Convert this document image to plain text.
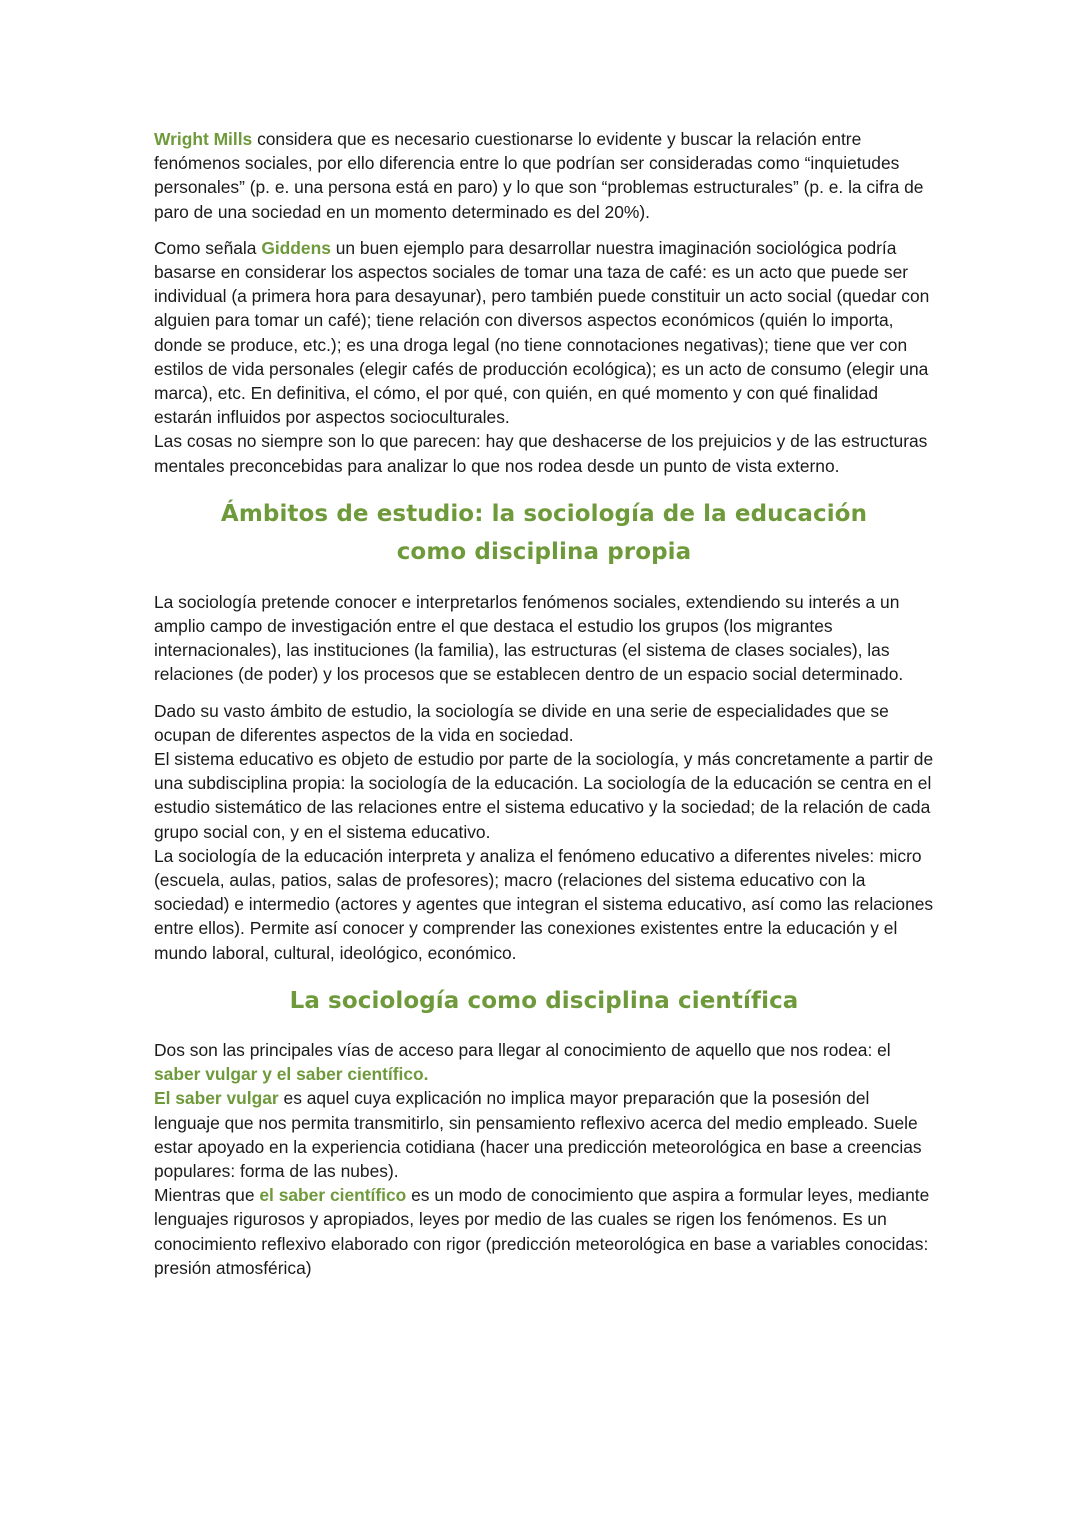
Wright Mills considera que es necesario cuestionarse lo evidente y buscar la relación entre fenómenos sociales, por ello diferencia entre lo que podrían ser consideradas como “inquietudes personales” (p. e. una persona está en paro) y lo que son “problemas estructurales” (p. e. la cifra de paro de una sociedad en un momento determinado es del 20%).

Como señala Giddens un buen ejemplo para desarrollar nuestra imaginación sociológica podría basarse en considerar los aspectos sociales de tomar una taza de café: es un acto que puede ser individual (a primera hora para desayunar), pero también puede constituir un acto social (quedar con alguien para tomar un café); tiene relación con diversos aspectos económicos (quién lo importa, donde se produce, etc.); es una droga legal (no tiene connotaciones negativas); tiene que ver con estilos de vida personales (elegir cafés de producción ecológica); es un acto de consumo (elegir una marca), etc. En definitiva, el cómo, el por qué, con quién, en qué momento y con qué finalidad estarán influidos por aspectos socioculturales.

Las cosas no siempre son lo que parecen: hay que deshacerse de los prejuicios y de las estructuras mentales preconcebidas para analizar lo que nos rodea desde un punto de vista externo.

Ámbitos de estudio: la sociología de la educación como disciplina propia

La sociología pretende conocer e interpretarlos fenómenos sociales, extendiendo su interés a un amplio campo de investigación entre el que destaca el estudio los grupos (los migrantes internacionales), las instituciones (la familia), las estructuras (el sistema de clases sociales), las relaciones (de poder) y los procesos que se establecen dentro de un espacio social determinado.

Dado su vasto ámbito de estudio, la sociología se divide en una serie de especialidades que se ocupan de diferentes aspectos de la vida en sociedad.

El sistema educativo es objeto de estudio por parte de la sociología, y más concretamente a partir de una subdisciplina propia: la sociología de la educación. La sociología de la educación se centra en el estudio sistemático de las relaciones entre el sistema educativo y la sociedad; de la relación de cada grupo social con, y en el sistema educativo.

La sociología de la educación interpreta y analiza el fenómeno educativo a diferentes niveles: micro (escuela, aulas, patios, salas de profesores); macro (relaciones del sistema educativo con la sociedad) e intermedio (actores y agentes que integran el sistema educativo, así como las relaciones entre ellos). Permite así conocer y comprender las conexiones existentes entre la educación y el mundo laboral, cultural, ideológico, económico.

La sociología como disciplina científica

Dos son las principales vías de acceso para llegar al conocimiento de aquello que nos rodea: el saber vulgar y el saber científico.

El saber vulgar es aquel cuya explicación no implica mayor preparación que la posesión del lenguaje que nos permita transmitirlo, sin pensamiento reflexivo acerca del medio empleado. Suele estar apoyado en la experiencia cotidiana (hacer una predicción meteorológica en base a creencias populares: forma de las nubes).

Mientras que el saber científico es un modo de conocimiento que aspira a formular leyes, mediante lenguajes rigurosos y apropiados, leyes por medio de las cuales se rigen los fenómenos. Es un conocimiento reflexivo elaborado con rigor (predicción meteorológica en base a variables conocidas: presión atmosférica)
